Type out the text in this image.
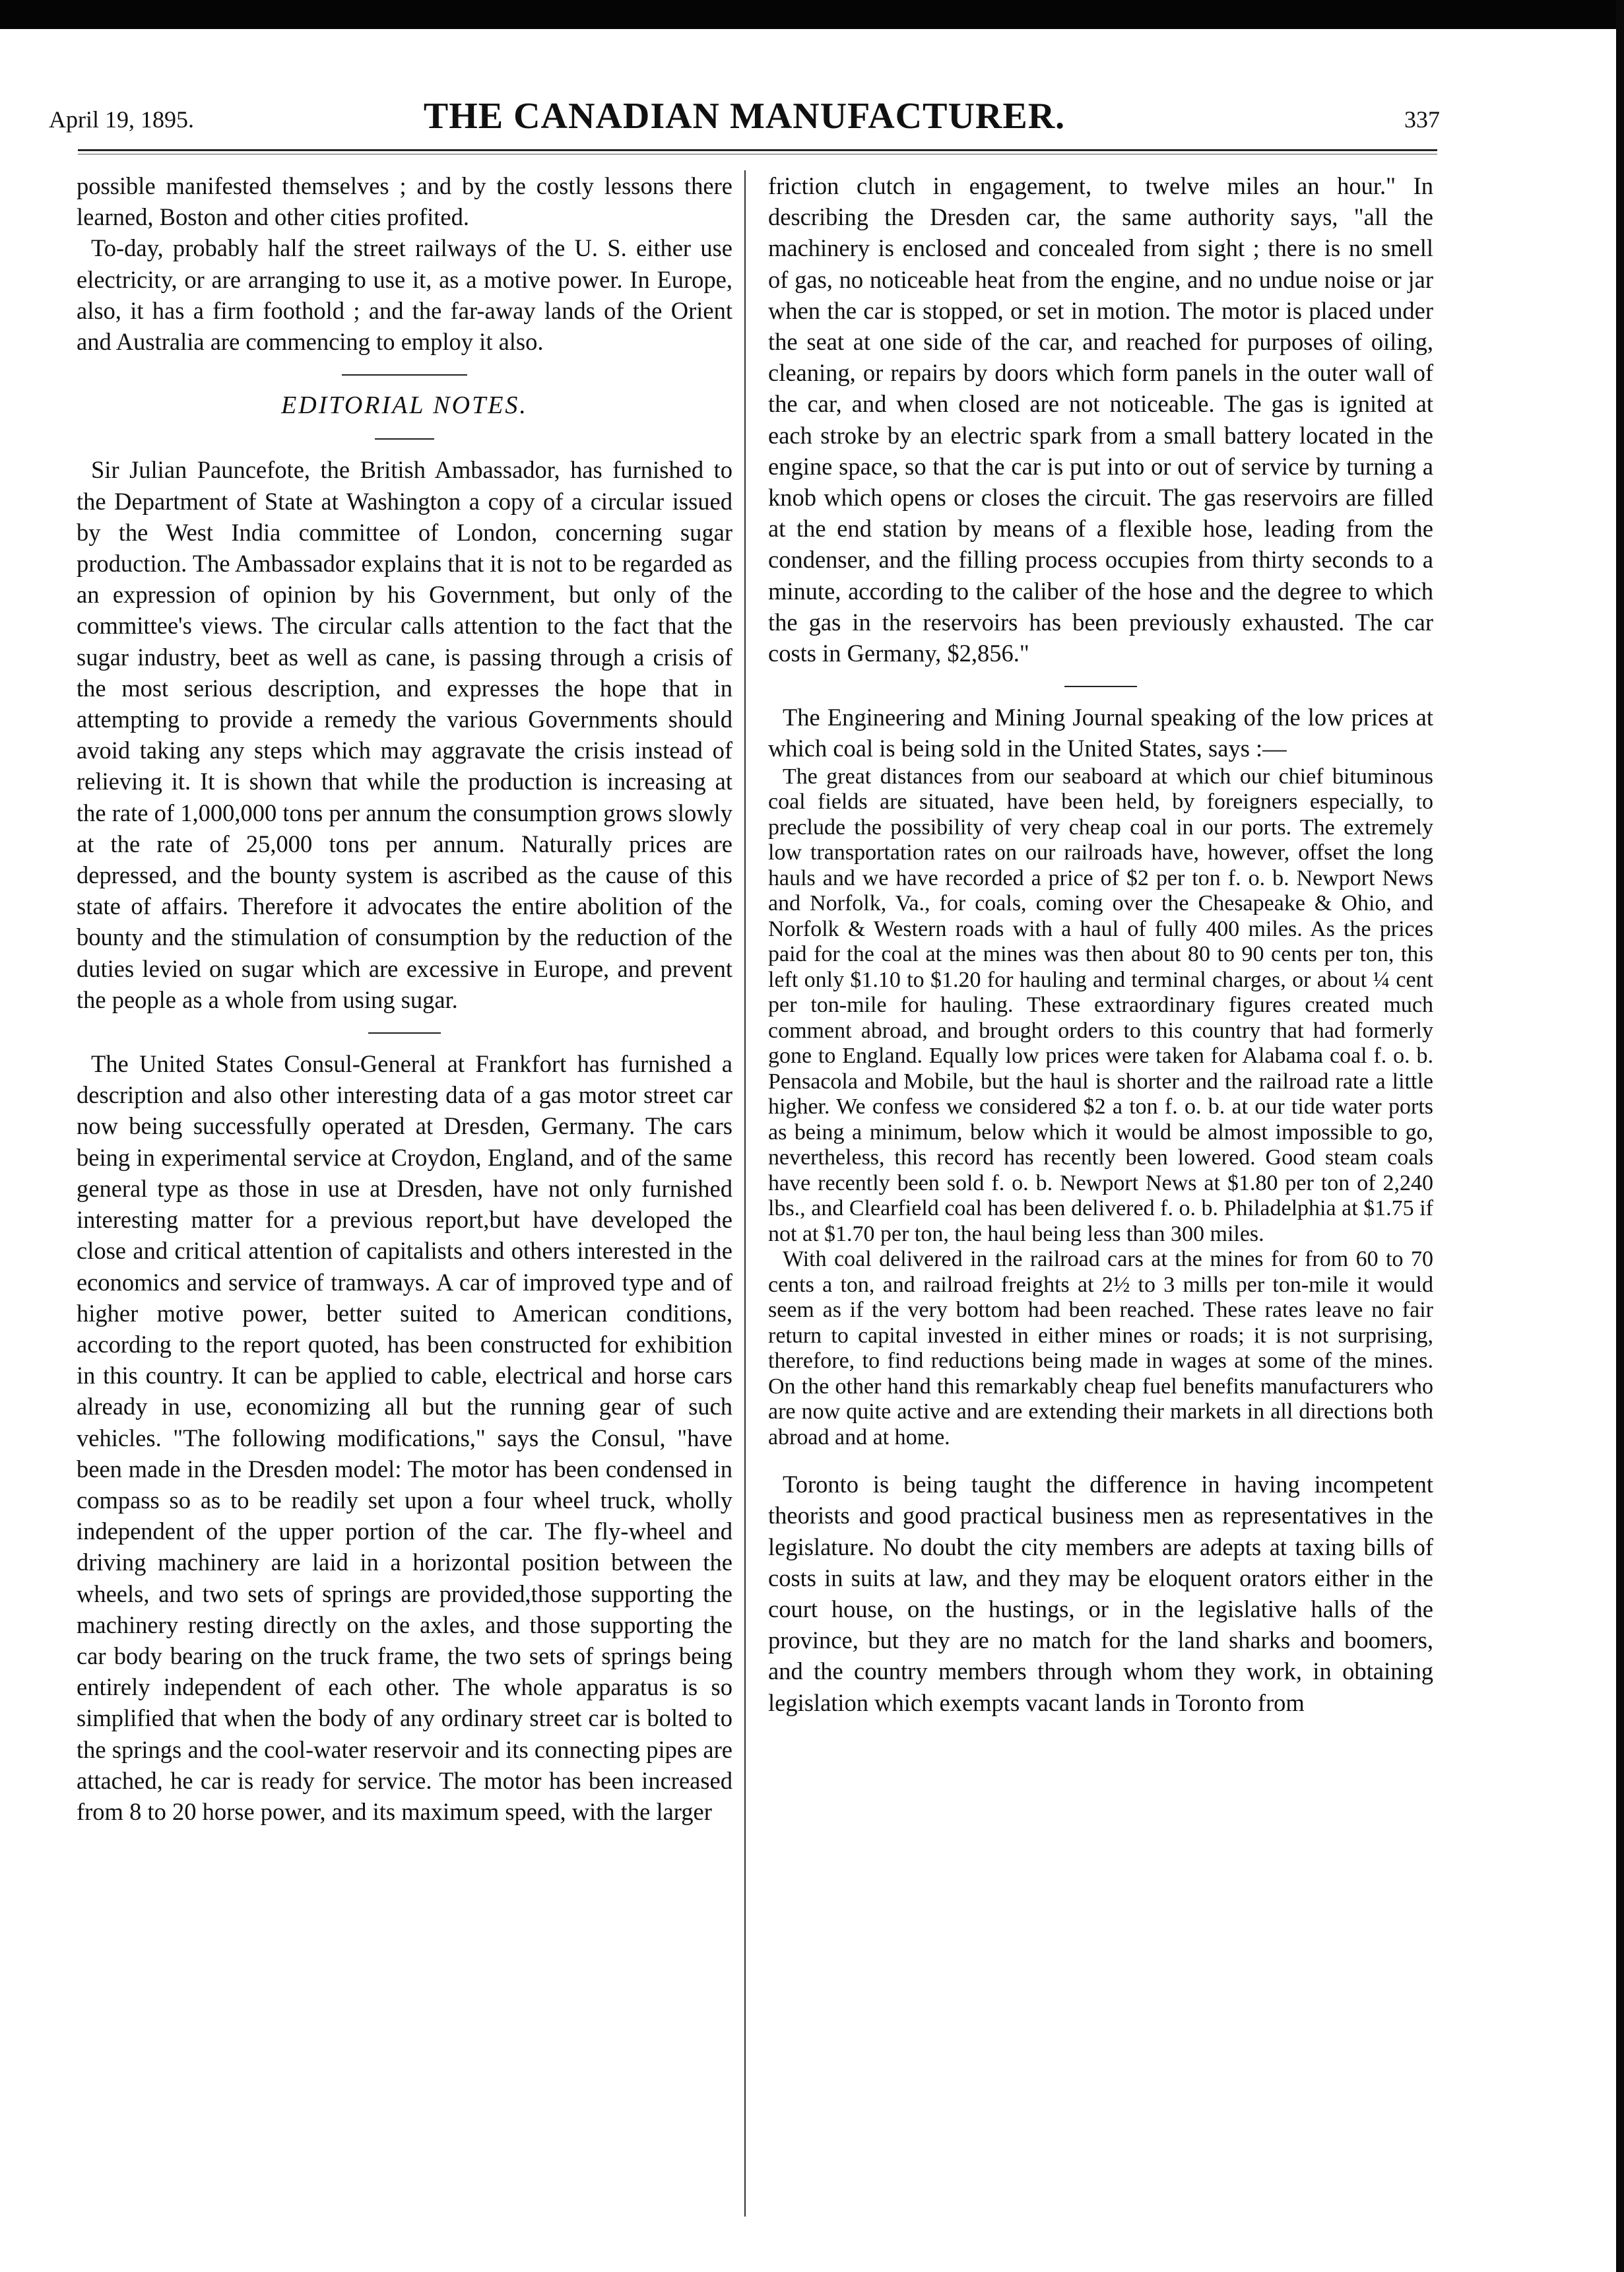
April 19, 1895.	THE CANADIAN MANUFACTURER.	337

possible manifested themselves ; and by the costly lessons there learned, Boston and other cities profited.

To-day, probably half the street railways of the U. S. either use electricity, or are arranging to use it, as a motive power. In Europe, also, it has a firm foothold ; and the far-away lands of the Orient and Australia are commencing to employ it also.

EDITORIAL NOTES.

Sir Julian Pauncefote, the British Ambassador, has furnished to the Department of State at Washington a copy of a circular issued by the West India committee of London, concerning sugar production. The Ambassador explains that it is not to be regarded as an expression of opinion by his Government, but only of the committee's views. The circular calls attention to the fact that the sugar industry, beet as well as cane, is passing through a crisis of the most serious description, and expresses the hope that in attempting to provide a remedy the various Governments should avoid taking any steps which may aggravate the crisis instead of relieving it. It is shown that while the production is increasing at the rate of 1,000,000 tons per annum the consumption grows slowly at the rate of 25,000 tons per annum. Naturally prices are depressed, and the bounty system is ascribed as the cause of this state of affairs. Therefore it advocates the entire abolition of the bounty and the stimulation of consumption by the reduction of the duties levied on sugar which are excessive in Europe, and prevent the people as a whole from using sugar.

The United States Consul-General at Frankfort has furnished a description and also other interesting data of a gas motor street car now being successfully operated at Dresden, Germany. The cars being in experimental service at Croydon, England, and of the same general type as those in use at Dresden, have not only furnished interesting matter for a previous report,but have developed the close and critical attention of capitalists and others interested in the economics and service of tramways. A car of improved type and of higher motive power, better suited to American conditions, according to the report quoted, has been constructed for exhibition in this country. It can be applied to cable, electrical and horse cars already in use, economizing all but the running gear of such vehicles. "The following modifications," says the Consul, "have been made in the Dresden model: The motor has been condensed in compass so as to be readily set upon a four wheel truck, wholly independent of the upper portion of the car. The fly-wheel and driving machinery are laid in a horizontal position between the wheels, and two sets of springs are provided,those supporting the machinery resting directly on the axles, and those supporting the car body bearing on the truck frame, the two sets of springs being entirely independent of each other. The whole apparatus is so simplified that when the body of any ordinary street car is bolted to the springs and the cool-water reservoir and its connecting pipes are attached, he car is ready for service. The motor has been increased from 8 to 20 horse power, and its maximum speed, with the larger

friction clutch in engagement, to twelve miles an hour." In describing the Dresden car, the same authority says, "all the machinery is enclosed and concealed from sight ; there is no smell of gas, no noticeable heat from the engine, and no undue noise or jar when the car is stopped, or set in motion. The motor is placed under the seat at one side of the car, and reached for purposes of oiling, cleaning, or repairs by doors which form panels in the outer wall of the car, and when closed are not noticeable. The gas is ignited at each stroke by an electric spark from a small battery located in the engine space, so that the car is put into or out of service by turning a knob which opens or closes the circuit. The gas reservoirs are filled at the end station by means of a flexible hose, leading from the condenser, and the filling process occupies from thirty seconds to a minute, according to the caliber of the hose and the degree to which the gas in the reservoirs has been previously exhausted. The car costs in Germany, $2,856."

The Engineering and Mining Journal speaking of the low prices at which coal is being sold in the United States, says :—

The great distances from our seaboard at which our chief bituminous coal fields are situated, have been held, by foreigners especially, to preclude the possibility of very cheap coal in our ports. The extremely low transportation rates on our railroads have, however, offset the long hauls and we have recorded a price of $2 per ton f. o. b. Newport News and Norfolk, Va., for coals, coming over the Chesapeake & Ohio, and Norfolk & Western roads with a haul of fully 400 miles. As the prices paid for the coal at the mines was then about 80 to 90 cents per ton, this left only $1.10 to $1.20 for hauling and terminal charges, or about ¼ cent per ton-mile for hauling. These extraordinary figures created much comment abroad, and brought orders to this country that had formerly gone to England. Equally low prices were taken for Alabama coal f. o. b. Pensacola and Mobile, but the haul is shorter and the railroad rate a little higher. We confess we considered $2 a ton f. o. b. at our tide water ports as being a minimum, below which it would be almost impossible to go, nevertheless, this record has recently been lowered. Good steam coals have recently been sold f. o. b. Newport News at $1.80 per ton of 2,240 lbs., and Clearfield coal has been delivered f. o. b. Philadelphia at $1.75 if not at $1.70 per ton, the haul being less than 300 miles.

With coal delivered in the railroad cars at the mines for from 60 to 70 cents a ton, and railroad freights at 2½ to 3 mills per ton-mile it would seem as if the very bottom had been reached. These rates leave no fair return to capital invested in either mines or roads; it is not surprising, therefore, to find reductions being made in wages at some of the mines. On the other hand this remarkably cheap fuel benefits manufacturers who are now quite active and are extending their markets in all directions both abroad and at home.

Toronto is being taught the difference in having incompetent theorists and good practical business men as representatives in the legislature. No doubt the city members are adepts at taxing bills of costs in suits at law, and they may be eloquent orators either in the court house, on the hustings, or in the legislative halls of the province, but they are no match for the land sharks and boomers, and the country members through whom they work, in obtaining legislation which exempts vacant lands in Toronto from
